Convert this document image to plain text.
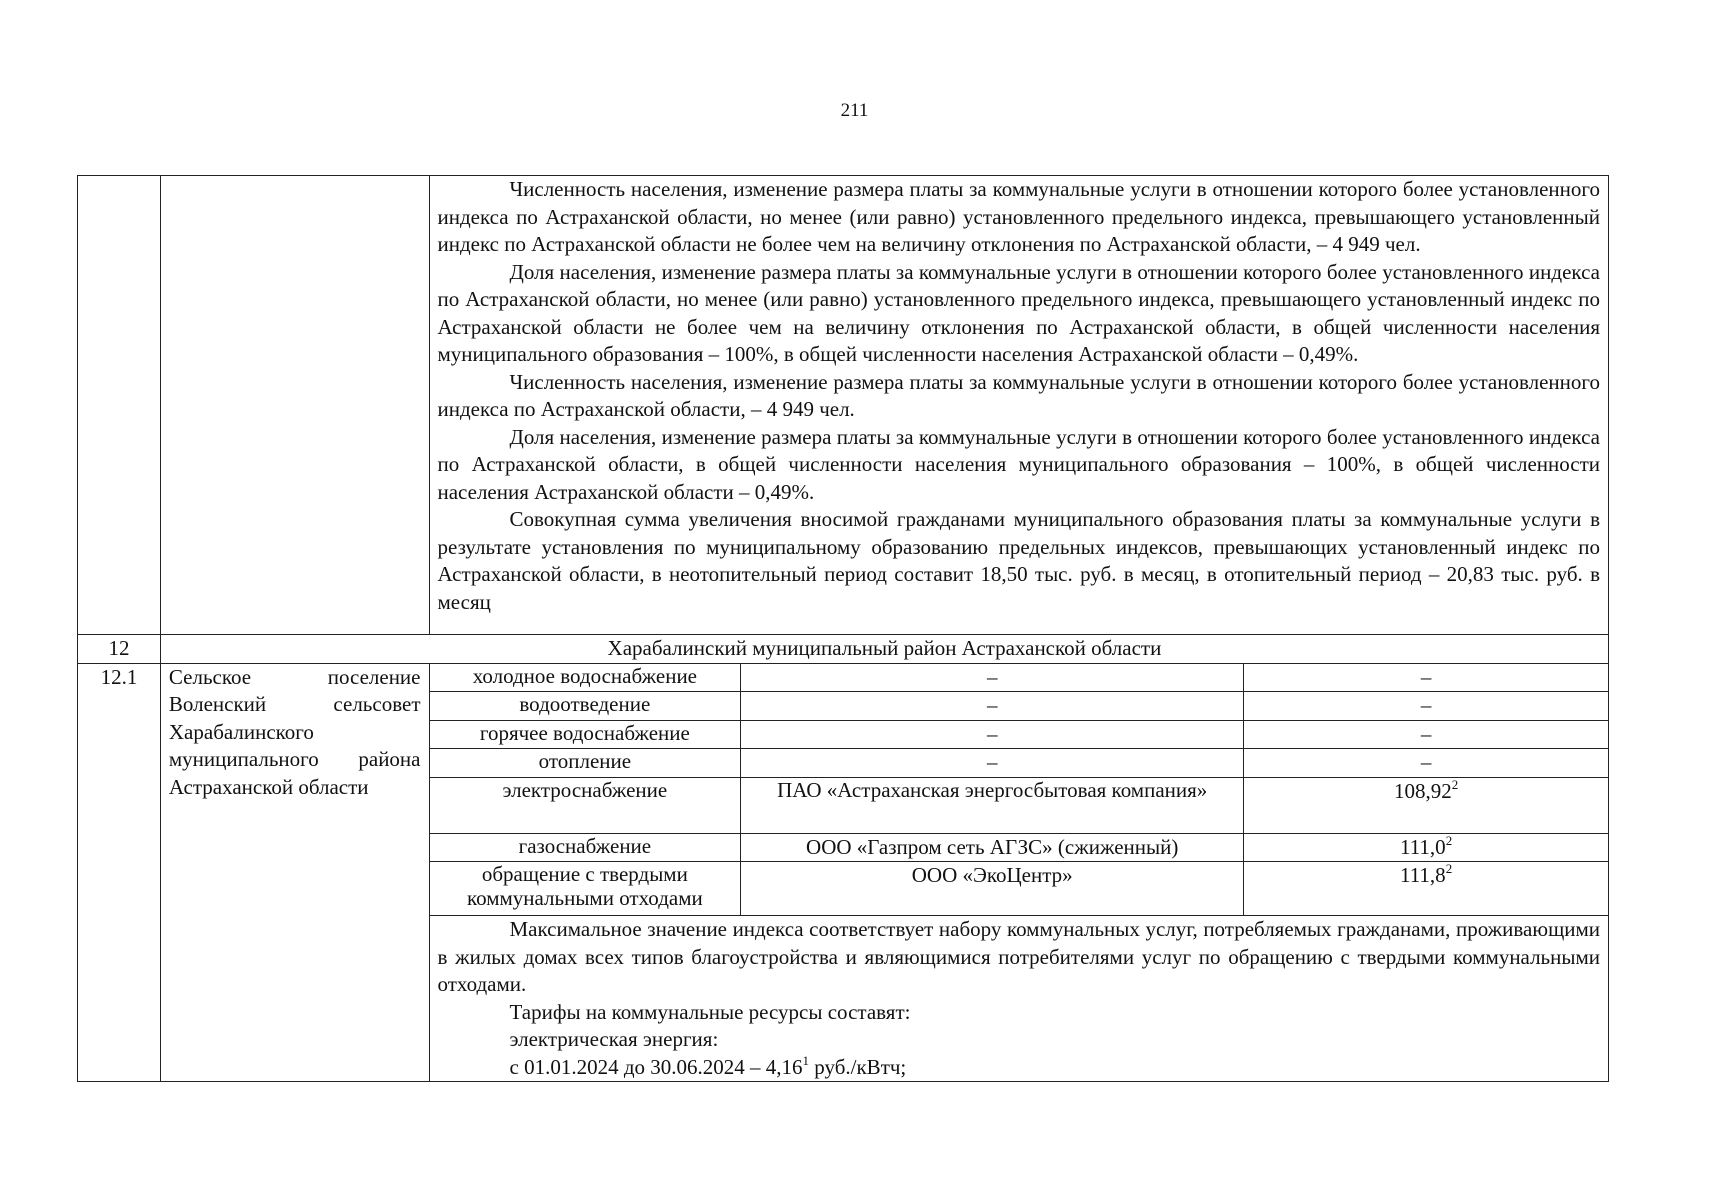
211

		Численность населения, изменение размера платы за коммунальные услуги в отношении которого более установленного индекса по Астраханской области, но менее (или равно) установленного предельного индекса, превышающего установленный индекс по Астраханской области не более чем на величину отклонения по Астраханской области, – 4 949 чел.

Доля населения, изменение размера платы за коммунальные услуги в отношении которого более установленного индекса по Астраханской области, но менее (или равно) установленного предельного индекса, превышающего установленный индекс по Астраханской области не более чем на величину отклонения по Астраханской области, в общей численности населения муниципального образования – 100%, в общей численности населения Астраханской области – 0,49%.

Численность населения, изменение размера платы за коммунальные услуги в отношении которого более установленного индекса по Астраханской области, – 4 949 чел.

Доля населения, изменение размера платы за коммунальные услуги в отношении которого более установленного индекса по Астраханской области, в общей численности населения муниципального образования – 100%, в общей численности населения Астраханской области – 0,49%.

Совокупная сумма увеличения вносимой гражданами муниципального образования платы за коммунальные услуги в результате установления по муниципальному образованию предельных индексов, превышающих установленный индекс по Астраханской области, в неотопительный период составит 18,50 тыс. руб. в месяц, в отопительный период – 20,83 тыс. руб. в месяц		

12	Харабалинский муниципальный район Астраханской области			
12.1	Сельское поселение Воленский сельсовет Харабалинского муниципального района Астраханской области	холодное водоснабжение	–	–
		водоотведение	–	–
		горячее водоснабжение	–	–
		отопление	–	–
		электроснабжение	ПАО «Астраханская энергосбытовая компания»	108,92$^2$
		газоснабжение	ООО «Газпром сеть АГЗС» (сжиженный)	111,0$^2$
		обращение с твердыми коммунальными отходами	ООО «ЭкоЦентр»	111,8$^2$

		Максимальное значение индекса соответствует набору коммунальных услуг, потребляемых гражданами, проживающими в жилых домах всех типов благоустройства и являющимися потребителями услуг по обращению с твердыми коммунальными отходами.

Тарифы на коммунальные ресурсы составят:

электрическая энергия:

с 01.01.2024 до 30.06.2024 – 4,16$^1$ руб./кВтч;		
